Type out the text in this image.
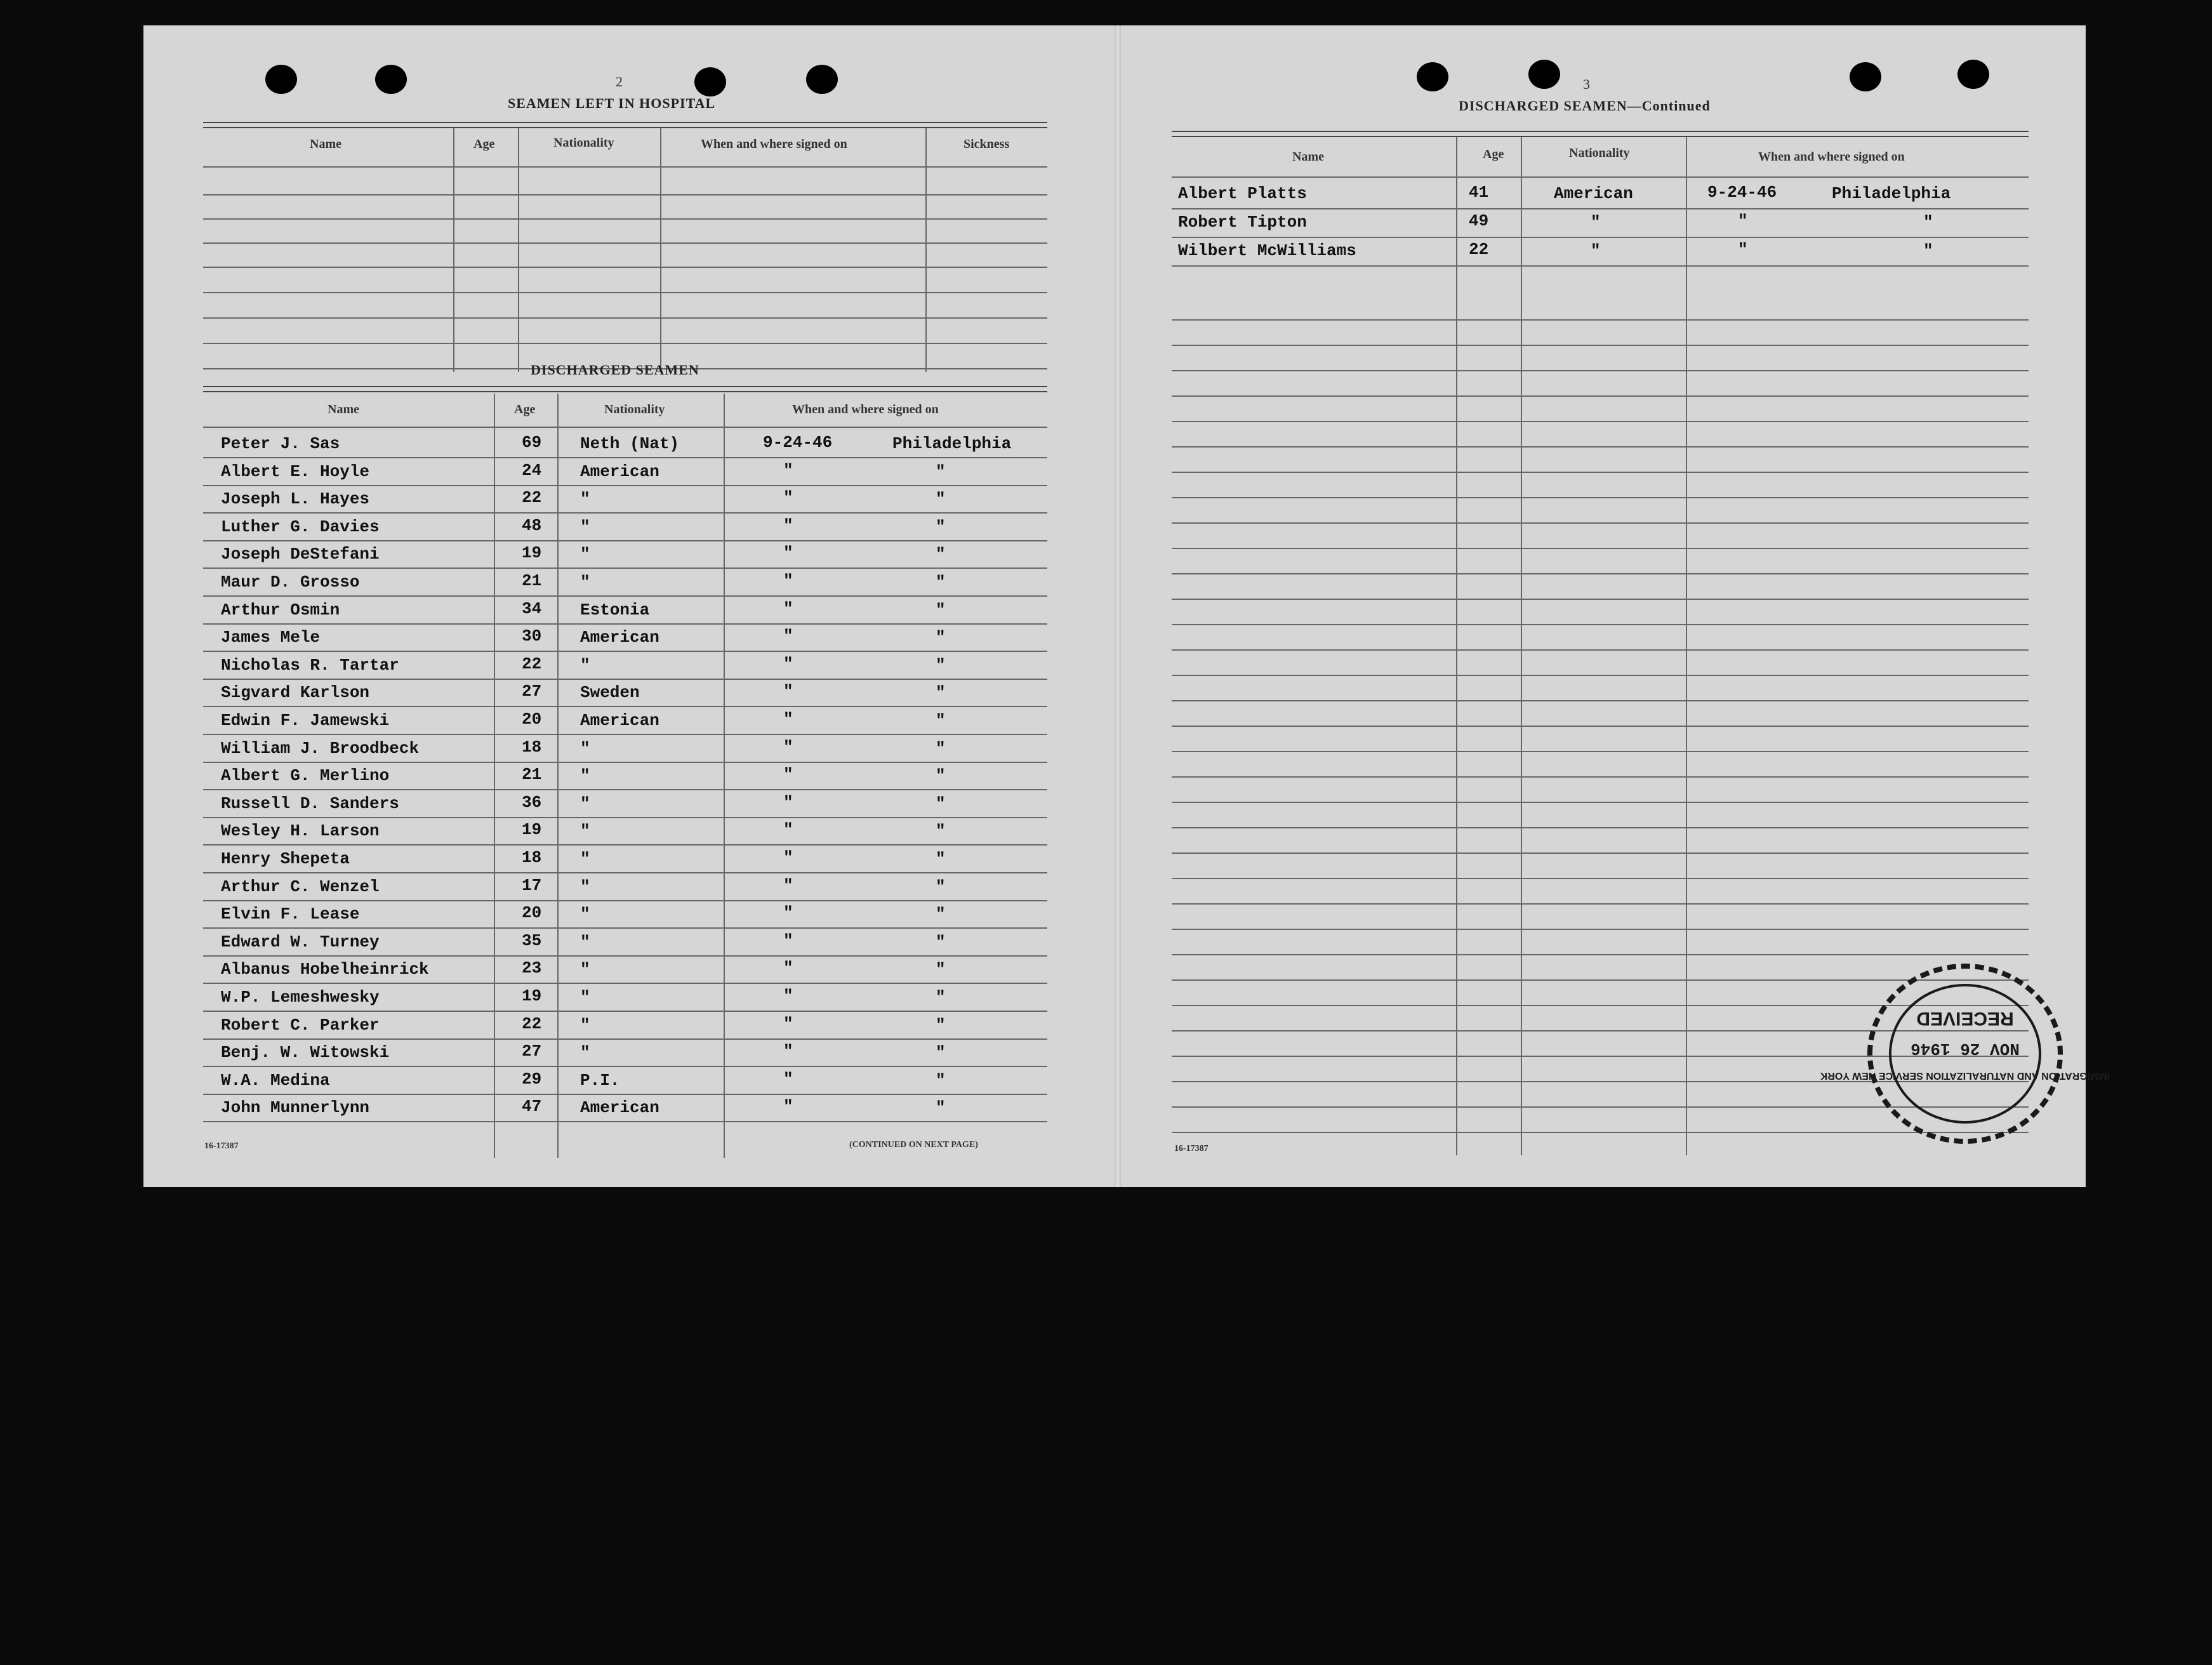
2
SEAMEN LEFT IN HOSPITAL
Name	Age	Nationality	When and where signed on	Sickness
DISCHARGED SEAMEN
Name	Age	Nationality	When and where signed on
Peter J. Sas	69 Neth (Nat)	9-24-46	Philadelphia
Albert E. Hoyle	24 American	"	"
Joseph L. Hayes	22 "	"	"
Luther G. Davies	48 "	"	"
Joseph DeStefani	19 "	"	"
Maur D. Grosso	21 "	"	"
Arthur Osmin	34 Estonia	"	"
James Mele	30 American	"	"
Nicholas R. Tartar	22 "	"	"
Sigvard Karlson	27 Sweden	"	"
Edwin F. Jamewski	20 American	"	"
William J. Broodbeck	18 "	"	"
Albert G. Merlino	21 "	"	"
Russell D. Sanders	36 "	"	"
Wesley H. Larson	19 "	"	"
Henry Shepeta	18 "	"	"
Arthur C. Wenzel	17 "	"	"
Elvin F. Lease	20 "	"	"
Edward W. Turney	35 "	"	"
Albanus Hobelheinrick	23 "	"	"
W.P. Lemeshwesky	19 "	"	"
Robert C. Parker	22 "	"	"
Benj. W. Witowski	27 "	"	"
W.A. Medina	29 P.I.	"	"
John Munnerlynn	47 American	"	"
16-17387	(CONTINUED ON NEXT PAGE)
3
DISCHARGED SEAMEN—Continued
Name	Age	Nationality	When and where signed on
Albert Platts	41	American	9-24-46	Philadelphia
Robert Tipton	49	"	"	"
Wilbert McWilliams	22	"	"	"
16-17387
IMMIGRATION AND NATURALIZATION SERVICE NEW YORK
NOV 26 1946
RECEIVED
